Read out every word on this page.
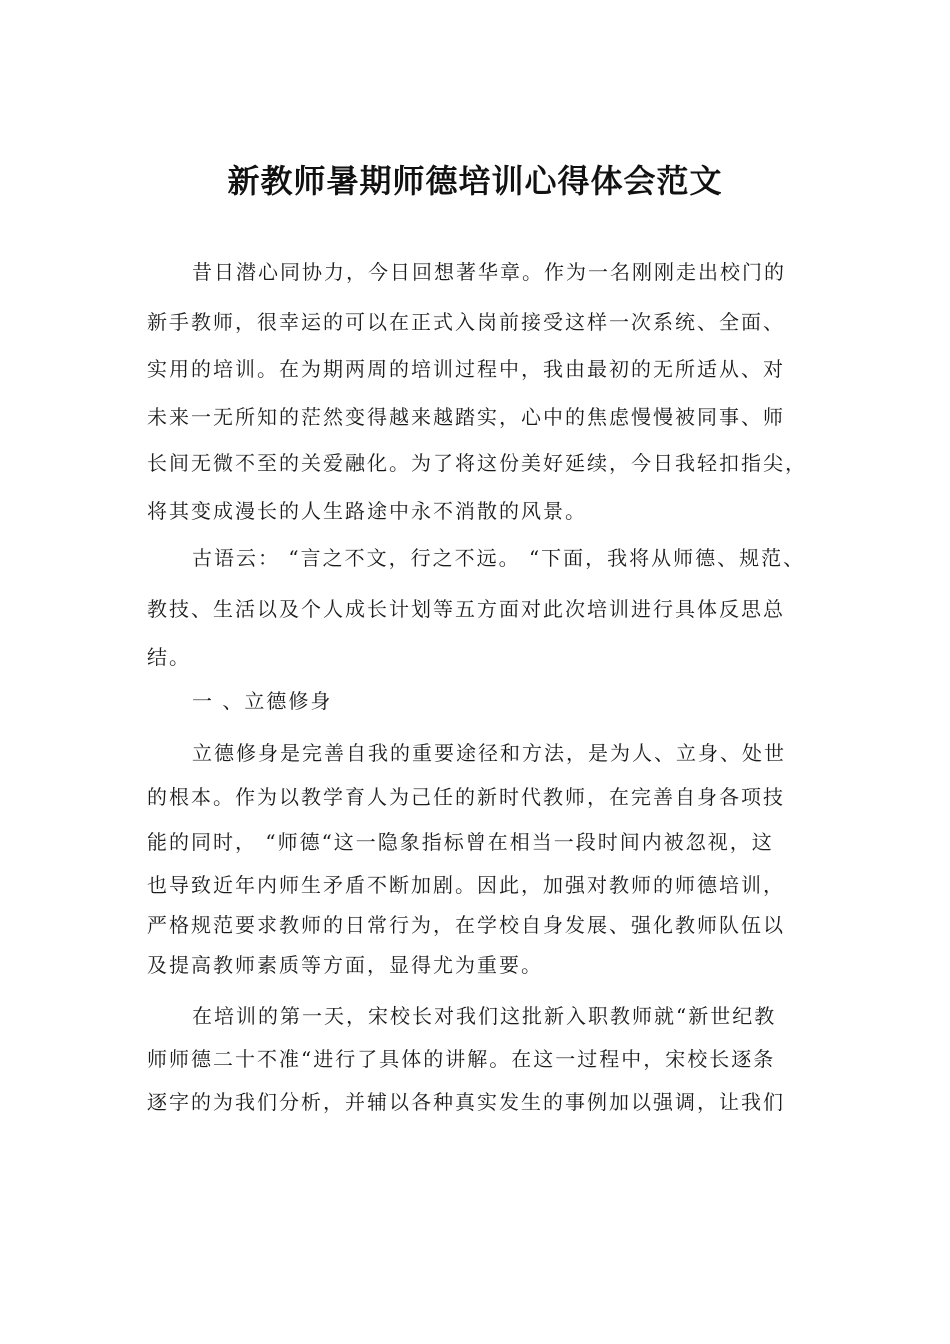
新教师暑期师德培训心得体会范文
昔日潜心同协力，今日回想著华章。作为一名刚刚走出校门的
新手教师，很幸运的可以在正式入岗前接受这样一次系统、全面、
实用的培训。在为期两周的培训过程中，我由最初的无所适从、对
未来一无所知的茫然变得越来越踏实，心中的焦虑慢慢被同事、师
长间无微不至的关爱融化。为了将这份美好延续，今日我轻扣指尖，
将其变成漫长的人生路途中永不消散的风景。
古语云： “言之不文，行之不远。 “下面，我将从师德、规范、
教技、生活以及个人成长计划等五方面对此次培训进行具体反思总
结。
一 、立德修身
立德修身是完善自我的重要途径和方法，是为人、立身、处世
的根本。作为以教学育人为己任的新时代教师，在完善自身各项技
能的同时， “师德“这一隐象指标曾在相当一段时间内被忽视，这
也导致近年内师生矛盾不断加剧。因此，加强对教师的师德培训，
严格规范要求教师的日常行为，在学校自身发展、强化教师队伍以
及提高教师素质等方面，显得尤为重要。
在培训的第一天，宋校长对我们这批新入职教师就“新世纪教
师师德二十不准“进行了具体的讲解。在这一过程中，宋校长逐条
逐字的为我们分析，并辅以各种真实发生的事例加以强调，让我们
